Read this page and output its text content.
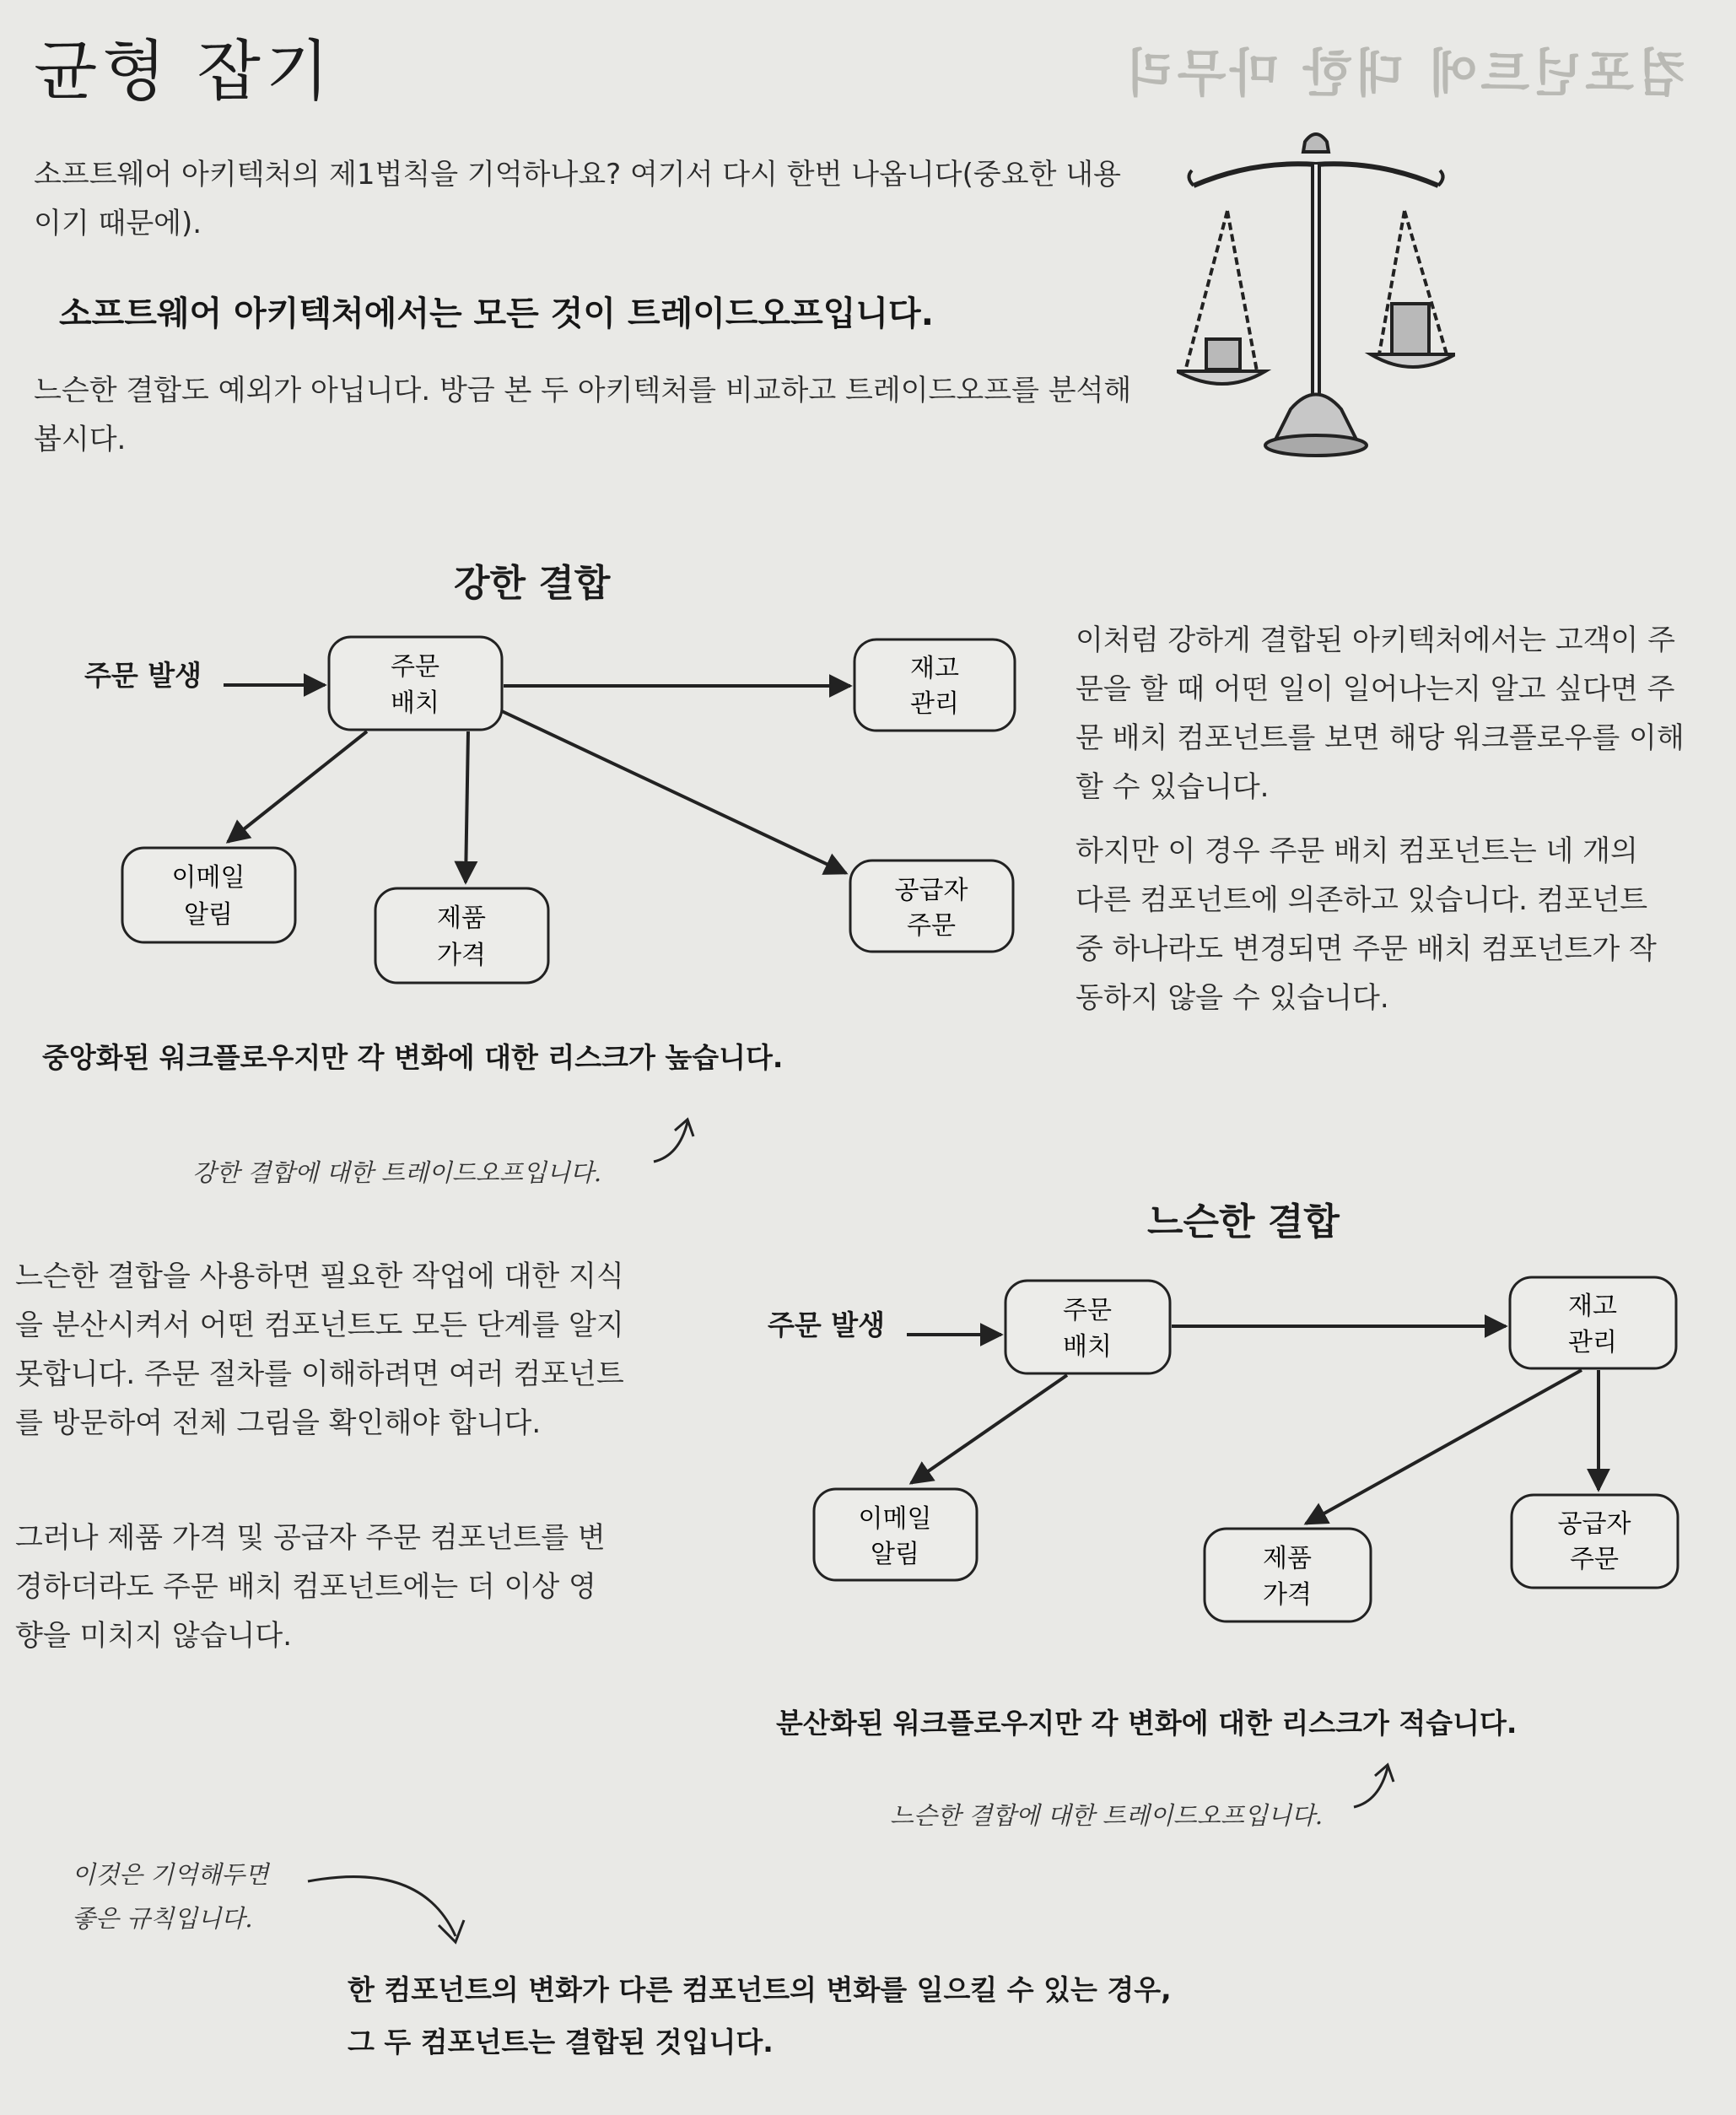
컴포넌트에 대한 마무리
균형 잡기
소프트웨어 아키텍처의 제1법칙을 기억하나요? 여기서 다시 한번 나옵니다(중요한 내용이기 때문에).
소프트웨어 아키텍처에서는 모든 것이 트레이드오프입니다.
느슨한 결합도 예외가 아닙니다. 방금 본 두 아키텍처를 비교하고 트레이드오프를 분석해봅시다.
강한 결합
주문 발생	주문
배치
재고
관리
이메일
알림	제품
가격
공급자
주문
중앙화된 워크플로우지만 각 변화에 대한 리스크가 높습니다.
강한 결합에 대한 트레이드오프입니다.
이처럼 강하게 결합된 아키텍처에서는 고객이 주문을 할 때 어떤 일이 일어나는지 알고 싶다면 주문 배치 컴포넌트를 보면 해당 워크플로우를 이해할 수 있습니다.
하지만 이 경우 주문 배치 컴포넌트는 네 개의 다른 컴포넌트에 의존하고 있습니다. 컴포넌트 중 하나라도 변경되면 주문 배치 컴포넌트가 작동하지 않을 수 있습니다.
느슨한 결합
느슨한 결합을 사용하면 필요한 작업에 대한 지식을 분산시켜서 어떤 컴포넌트도 모든 단계를 알지 못합니다. 주문 절차를 이해하려면 여러 컴포넌트를 방문하여 전체 그림을 확인해야 합니다.
그러나 제품 가격 및 공급자 주문 컴포넌트를 변경하더라도 주문 배치 컴포넌트에는 더 이상 영향을 미치지 않습니다.
주문 발생	주문
배치
재고
관리
이메일
알림	제품
가격
공급자
주문
분산화된 워크플로우지만 각 변화에 대한 리스크가 적습니다.
느슨한 결합에 대한 트레이드오프입니다.
이것은 기억해두면
좋은 규칙입니다.
한 컴포넌트의 변화가 다른 컴포넌트의 변화를 일으킬 수 있는 경우,
그 두 컴포넌트는 결합된 것입니다.
